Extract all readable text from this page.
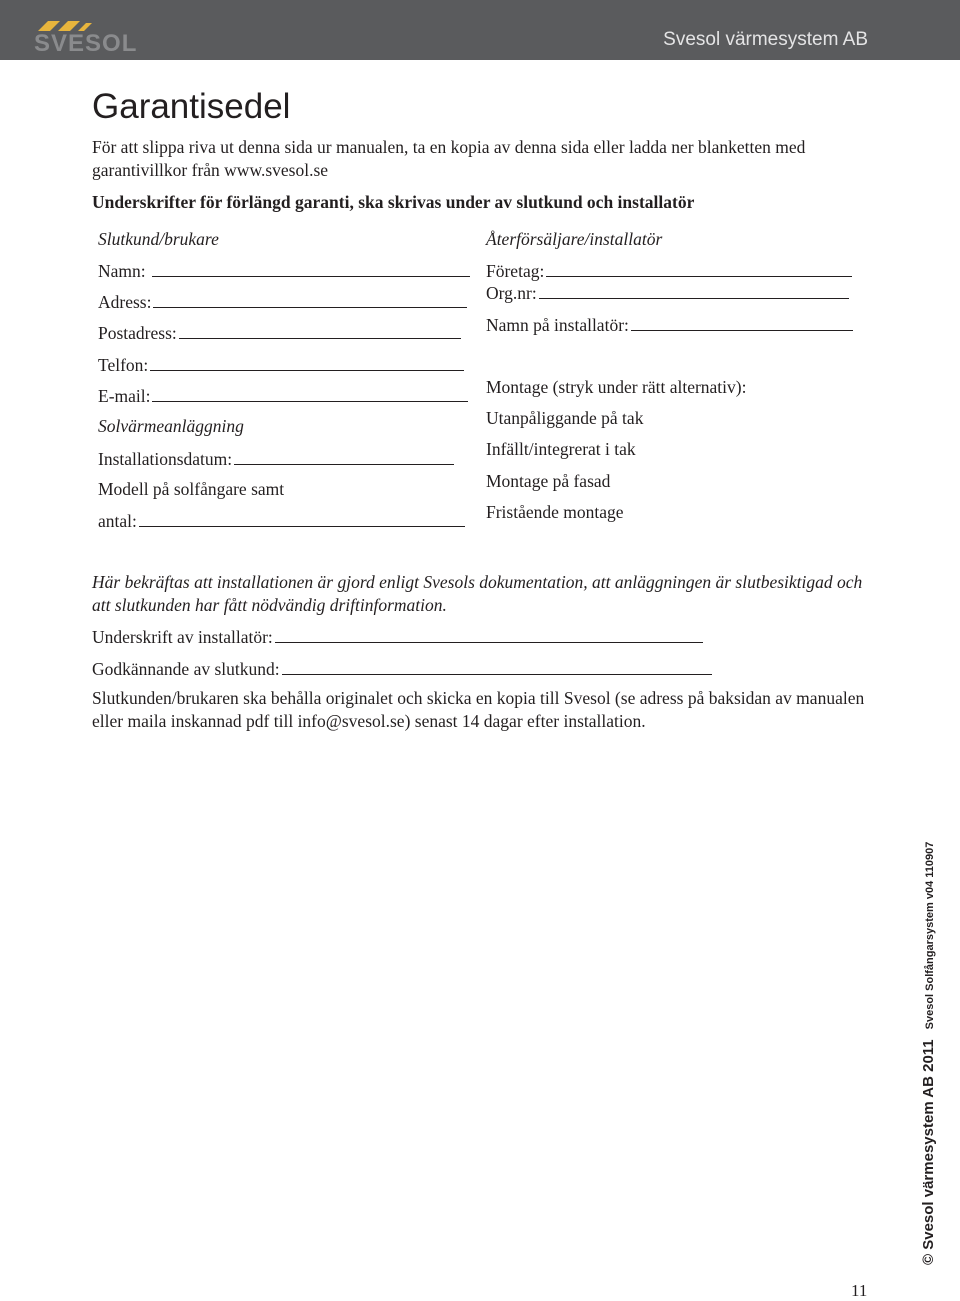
SVESOL	Svesol värmesystem AB
Garantisedel
För att slippa riva ut denna sida ur manualen, ta en kopia av denna sida eller ladda ner blanketten med garantivillkor från www.svesol.se
Underskrifter för förlängd garanti, ska skrivas under av slutkund och installatör
Slutkund/brukare
Namn:
Adress:
Postadress:
Telfon:
E-mail:
Solvärmeanläggning
Installationsdatum:
Modell på solfångare samt
antal:
Återförsäljare/installatör
Företag:
Org.nr:
Namn på installatör:
Montage (stryk under rätt alternativ):
Utanpåliggande på tak
Infällt/integrerat i tak
Montage på fasad
Fristående montage
Här bekräftas att installationen är gjord enligt Svesols dokumentation, att anläggningen är slutbesiktigad och att slutkunden har fått nödvändig driftinformation.
Underskrift av installatör:
Godkännande av slutkund:
Slutkunden/brukaren ska behålla originalet och skicka en kopia till Svesol (se adress på baksidan av manualen eller maila inskannad pdf till info@svesol.se) senast 14 dagar efter installation.
© Svesol värmesystem AB 2011Svesol Solfångarsystem v04 110907
11
